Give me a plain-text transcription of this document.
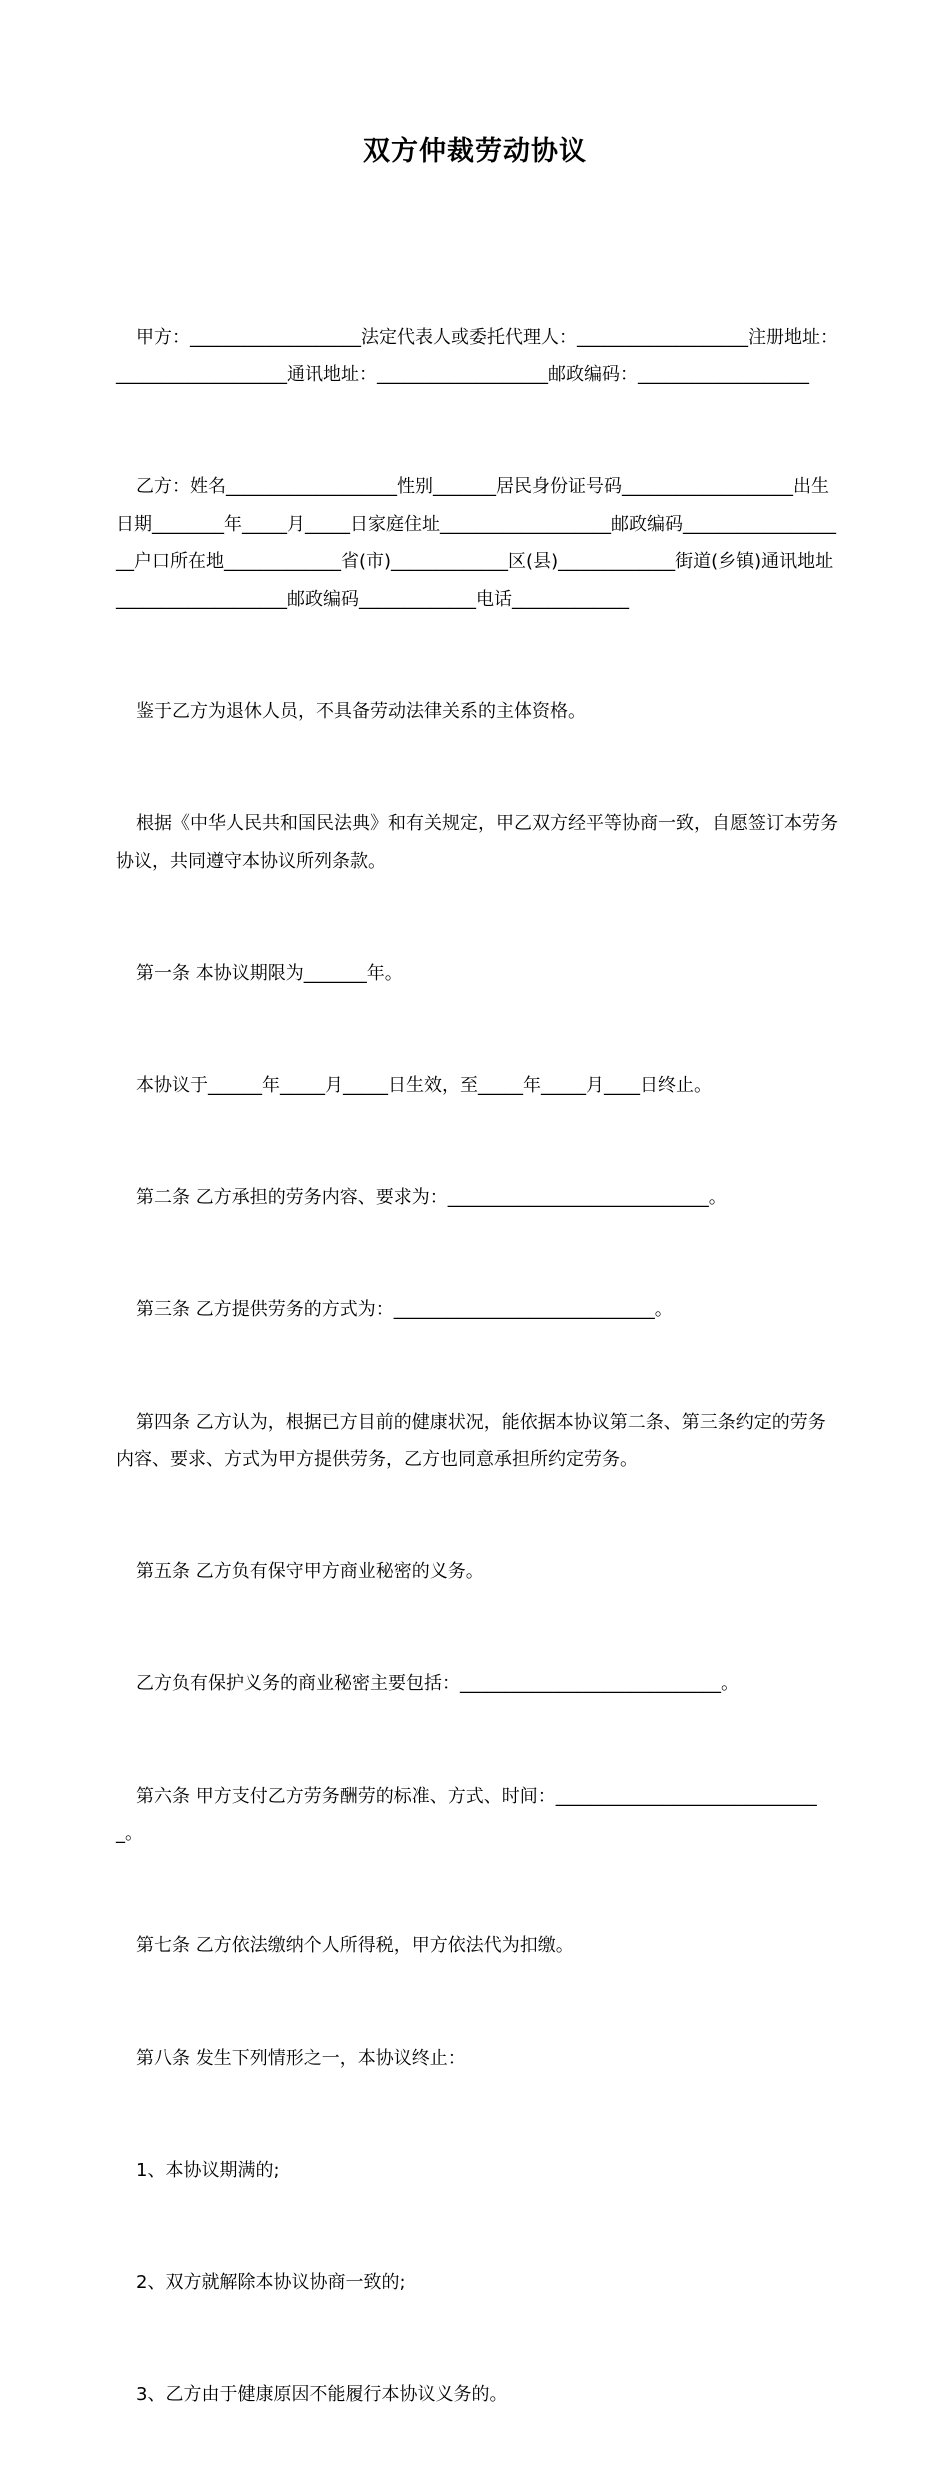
双方仲裁劳动协议

甲方：___________________法定代表人或委托代理人：___________________注册地址：___________________通讯地址：___________________邮政编码：___________________

乙方：姓名___________________性别_______居民身份证号码___________________出生日期________年_____月_____日家庭住址___________________邮政编码___________________户口所在地_____________省(市)_____________区(县)_____________街道(乡镇)通讯地址___________________邮政编码_____________电话_____________

鉴于乙方为退休人员，不具备劳动法律关系的主体资格。

根据《中华人民共和国民法典》和有关规定，甲乙双方经平等协商一致，自愿签订本劳务协议，共同遵守本协议所列条款。

第一条 本协议期限为_______年。

本协议于______年_____月_____日生效，至_____年_____月____日终止。

第二条 乙方承担的劳务内容、要求为：_____________________________。

第三条 乙方提供劳务的方式为：_____________________________。

第四条 乙方认为，根据已方目前的健康状况，能依据本协议第二条、第三条约定的劳务内容、要求、方式为甲方提供劳务，乙方也同意承担所约定劳务。

第五条 乙方负有保守甲方商业秘密的义务。

乙方负有保护义务的商业秘密主要包括：_____________________________。

第六条 甲方支付乙方劳务酬劳的标准、方式、时间：______________________________。

第七条 乙方依法缴纳个人所得税，甲方依法代为扣缴。

第八条 发生下列情形之一，本协议终止：

1、本协议期满的;

2、双方就解除本协议协商一致的;

3、乙方由于健康原因不能履行本协议义务的。
